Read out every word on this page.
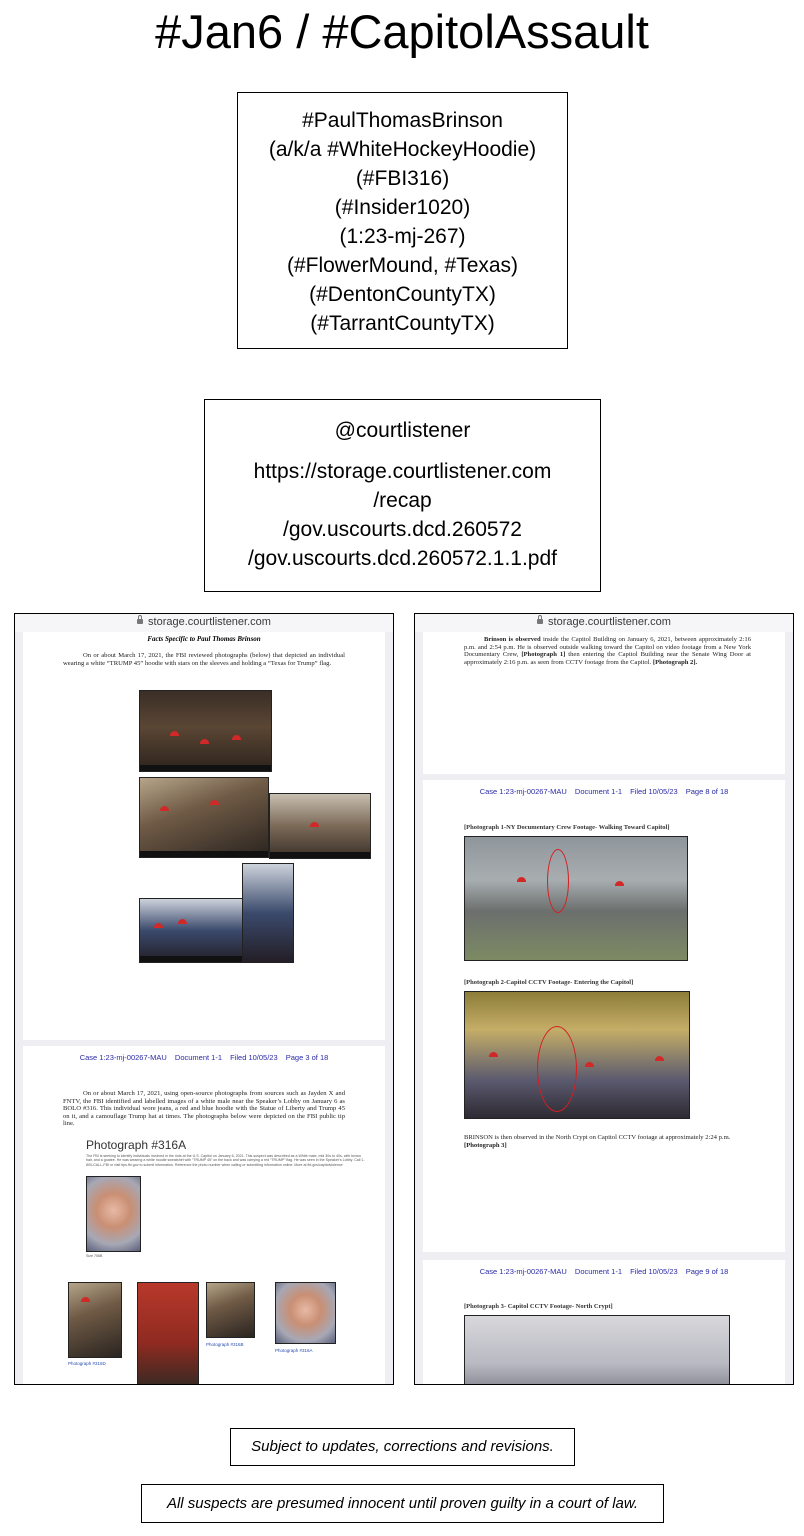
#Jan6 / #CapitolAssault
#PaulThomasBrinson
(a/k/a #WhiteHockeyHoodie)
(#FBI316)
(#Insider1020)
(1:23-mj-267)
(#FlowerMound, #Texas)
(#DentonCountyTX)
(#TarrantCountyTX)
@courtlistener
https://storage.courtlistener.com
/recap
/gov.uscourts.dcd.260572
/gov.uscourts.dcd.260572.1.1.pdf
storage.courtlistener.com
Facts Specific to Paul Thomas Brinson
On or about March 17, 2021, the FBI reviewed photographs (below) that depicted an individual wearing a white “TRUMP 45” hoodie with stars on the sleeves and holding a “Texas for Trump” flag.
Case 1:23-mj-00267-MAU Document 1-1 Filed 10/05/23 Page 3 of 18
On or about March 17, 2021, using open-source photographs from sources such as Jayden X and FNTV, the FBI identified and labelled images of a white male near the Speaker’s Lobby on January 6 as BOLO #316. This individual wore jeans, a red and blue hoodie with the Statue of Liberty and Trump 45 on it, and a camouflage Trump hat at times. The photographs below were depicted on the FBI public tip line.
Photograph #316A
The FBI is seeking to identify individuals involved in the riots at the U.S. Capitol on January 6, 2021. This suspect was described as a White male, mid 30s to 40s, with brown hair, and a goatee. He was wearing a white hoodie sweatshirt with “TRUMP 45” on the back and was carrying a red “TRUMP” flag. He was seen in the Speaker’s Lobby. Call 1-800-CALL-FBI or visit tips.fbi.gov to submit information. Reference the photo number when calling or submitting information online. More at fbi.gov/capitolviolence
Size 756B
Photograph #316D
Photograph #316B
Photograph #316A
storage.courtlistener.com
Brinson is observed inside the Capitol Building on January 6, 2021, between approximately 2:16 p.m. and 2:54 p.m. He is observed outside walking toward the Capitol on video footage from a New York Documentary Crew, [Photograph 1] then entering the Capitol Building near the Senate Wing Door at approximately 2:16 p.m. as seen from CCTV footage from the Capitol. [Photograph 2].
Case 1:23-mj-00267-MAU Document 1-1 Filed 10/05/23 Page 8 of 18
[Photograph 1-NY Documentary Crew Footage- Walking Toward Capitol]
[Photograph 2-Capitol CCTV Footage- Entering the Capitol]
BRINSON is then observed in the North Crypt on Capitol CCTV footage at approximately 2:24 p.m. [Photograph 3]
Case 1:23-mj-00267-MAU Document 1-1 Filed 10/05/23 Page 9 of 18
[Photograph 3- Capitol CCTV Footage- North Crypt]
Subject to updates, corrections and revisions.
All suspects are presumed innocent until proven guilty in a court of law.
